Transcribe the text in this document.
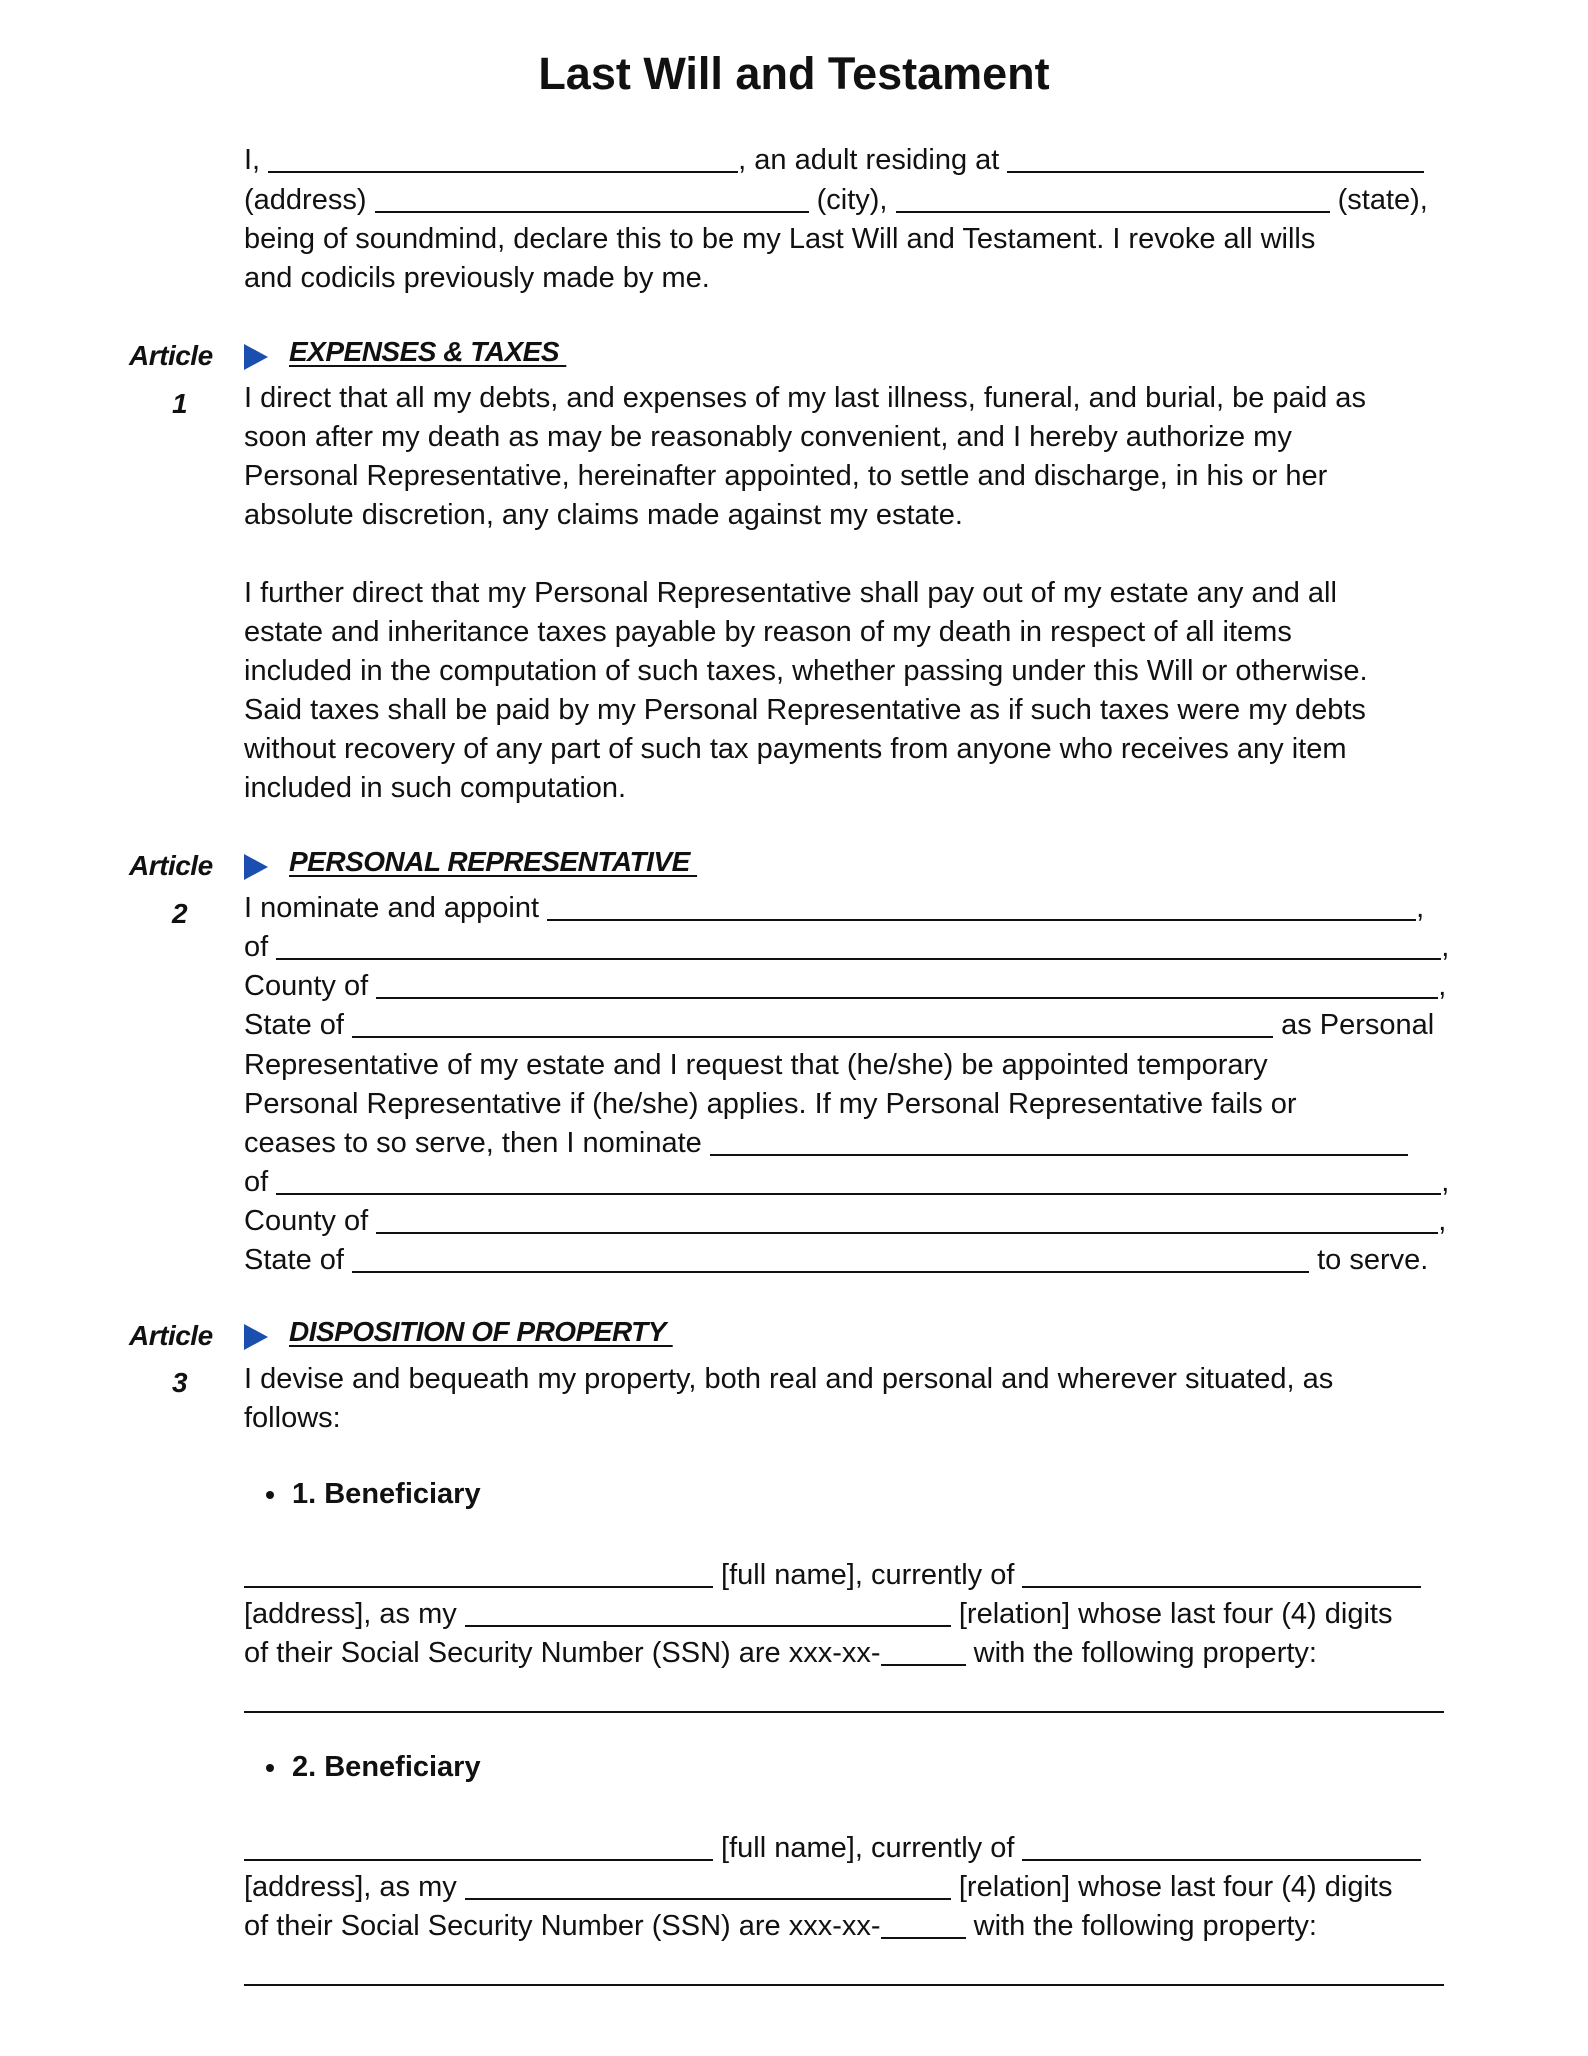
Last Will and Testament
I,	, an adult residing at
(address)	(city),	(state),
being of soundmind, declare this to be my Last Will and Testament. I revoke all wills
and codicils previously made by me.
Article
1
EXPENSES & TAXES
I direct that all my debts, and expenses of my last illness, funeral, and burial, be paid as
soon after my death as may be reasonably convenient, and I hereby authorize my
Personal Representative, hereinafter appointed, to settle and discharge, in his or her
absolute discretion, any claims made against my estate.
I further direct that my Personal Representative shall pay out of my estate any and all
estate and inheritance taxes payable by reason of my death in respect of all items
included in the computation of such taxes, whether passing under this Will or otherwise.
Said taxes shall be paid by my Personal Representative as if such taxes were my debts
without recovery of any part of such tax payments from anyone who receives any item
included in such computation.
Article
2
PERSONAL REPRESENTATIVE
I nominate and appoint	,
of	,
County of	,
State of	as Personal
Representative of my estate and I request that (he/she) be appointed temporary
Personal Representative if (he/she) applies. If my Personal Representative fails or
ceases to so serve, then I nominate
of	,
County of	,
State of	to serve.
Article
3
DISPOSITION OF PROPERTY
I devise and bequeath my property, both real and personal and wherever situated, as
follows:
1. Beneficiary
[full name], currently of
[address], as my	[relation] whose last four (4) digits
of their Social Security Number (SSN) are xxx-xx-	with the following property:
2. Beneficiary
[full name], currently of
[address], as my	[relation] whose last four (4) digits
of their Social Security Number (SSN) are xxx-xx-	with the following property:
